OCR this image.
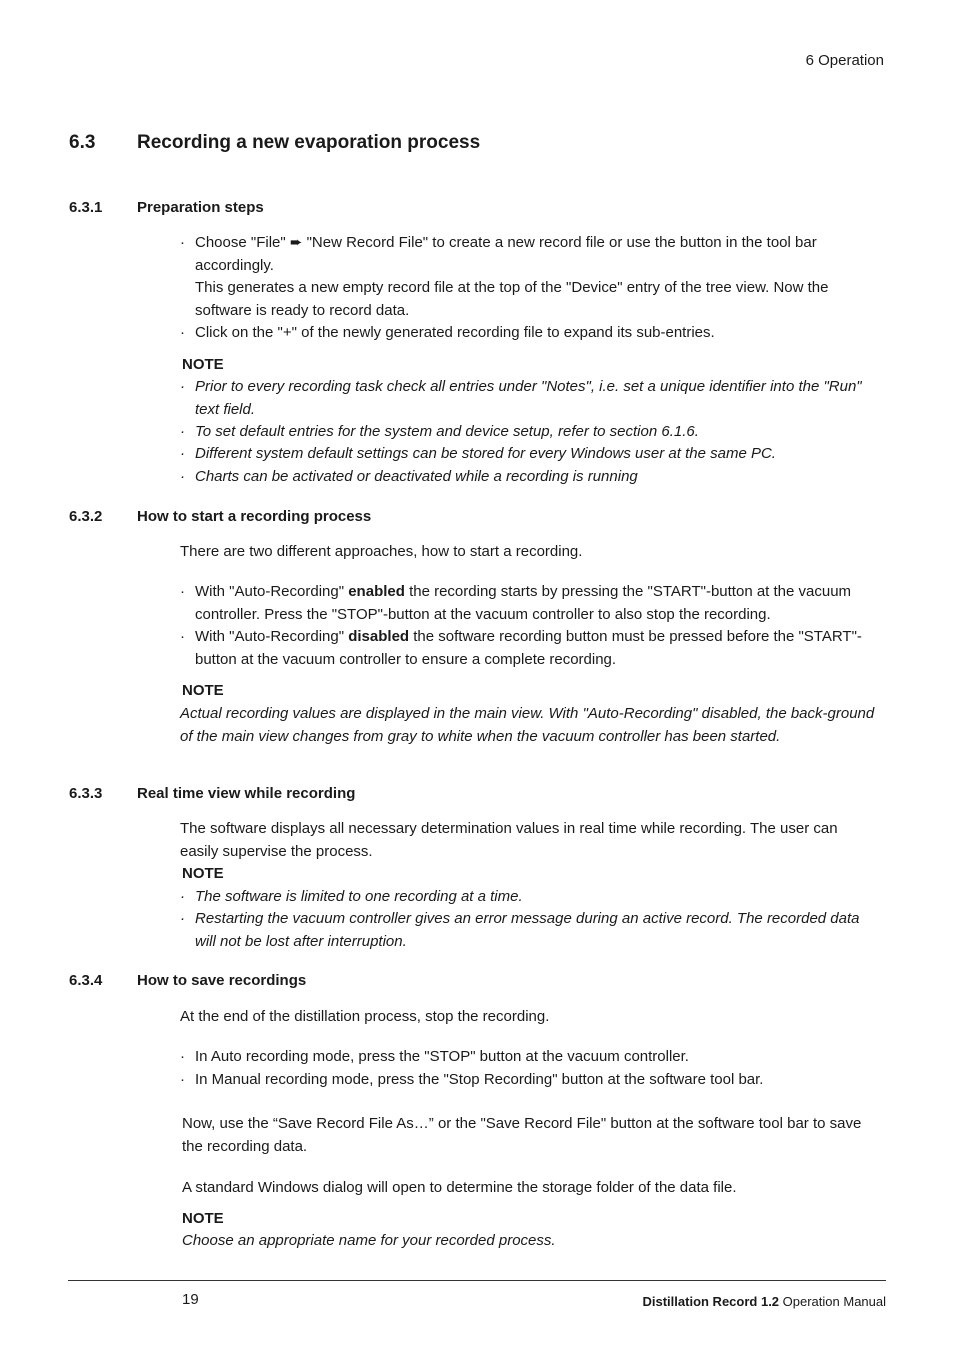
6 Operation
6.3 Recording a new evaporation process
6.3.1 Preparation steps
· Choose "File" ➨ "New Record File" to create a new record file or use the button in the tool bar accordingly.
This generates a new empty record file at the top of the "Device" entry of the tree view. Now the software is ready to record data.
· Click on the "+" of the newly generated recording file to expand its sub-entries.
NOTE
· Prior to every recording task check all entries under "Notes", i.e. set a unique identifier into the "Run" text field.
· To set default entries for the system and device setup, refer to section 6.1.6.
· Different system default settings can be stored for every Windows user at the same PC.
· Charts can be activated or deactivated while a recording is running
6.3.2 How to start a recording process
There are two different approaches, how to start a recording.
· With "Auto-Recording" enabled the recording starts by pressing the "START"-button at the vacuum controller. Press the "STOP"-button at the vacuum controller to also stop the recording.
· With "Auto-Recording" disabled the software recording button must be pressed before the "START"-button at the vacuum controller to ensure a complete recording.
NOTE
Actual recording values are displayed in the main view. With "Auto-Recording" disabled, the back-ground of the main view changes from gray to white when the vacuum controller has been started.
6.3.3 Real time view while recording
The software displays all necessary determination values in real time while recording. The user can easily supervise the process.
NOTE
· The software is limited to one recording at a time.
· Restarting the vacuum controller gives an error message during an active record. The recorded data will not be lost after interruption.
6.3.4 How to save recordings
At the end of the distillation process, stop the recording.
· In Auto recording mode, press the "STOP" button at the vacuum controller.
· In Manual recording mode, press the "Stop Recording" button at the software tool bar.
Now, use the “Save Record File As…” or the "Save Record File" button at the software tool bar to save the recording data.
A standard Windows dialog will open to determine the storage folder of the data file.
NOTE
Choose an appropriate name for your recorded process.
19	Distillation Record 1.2 Operation Manual
